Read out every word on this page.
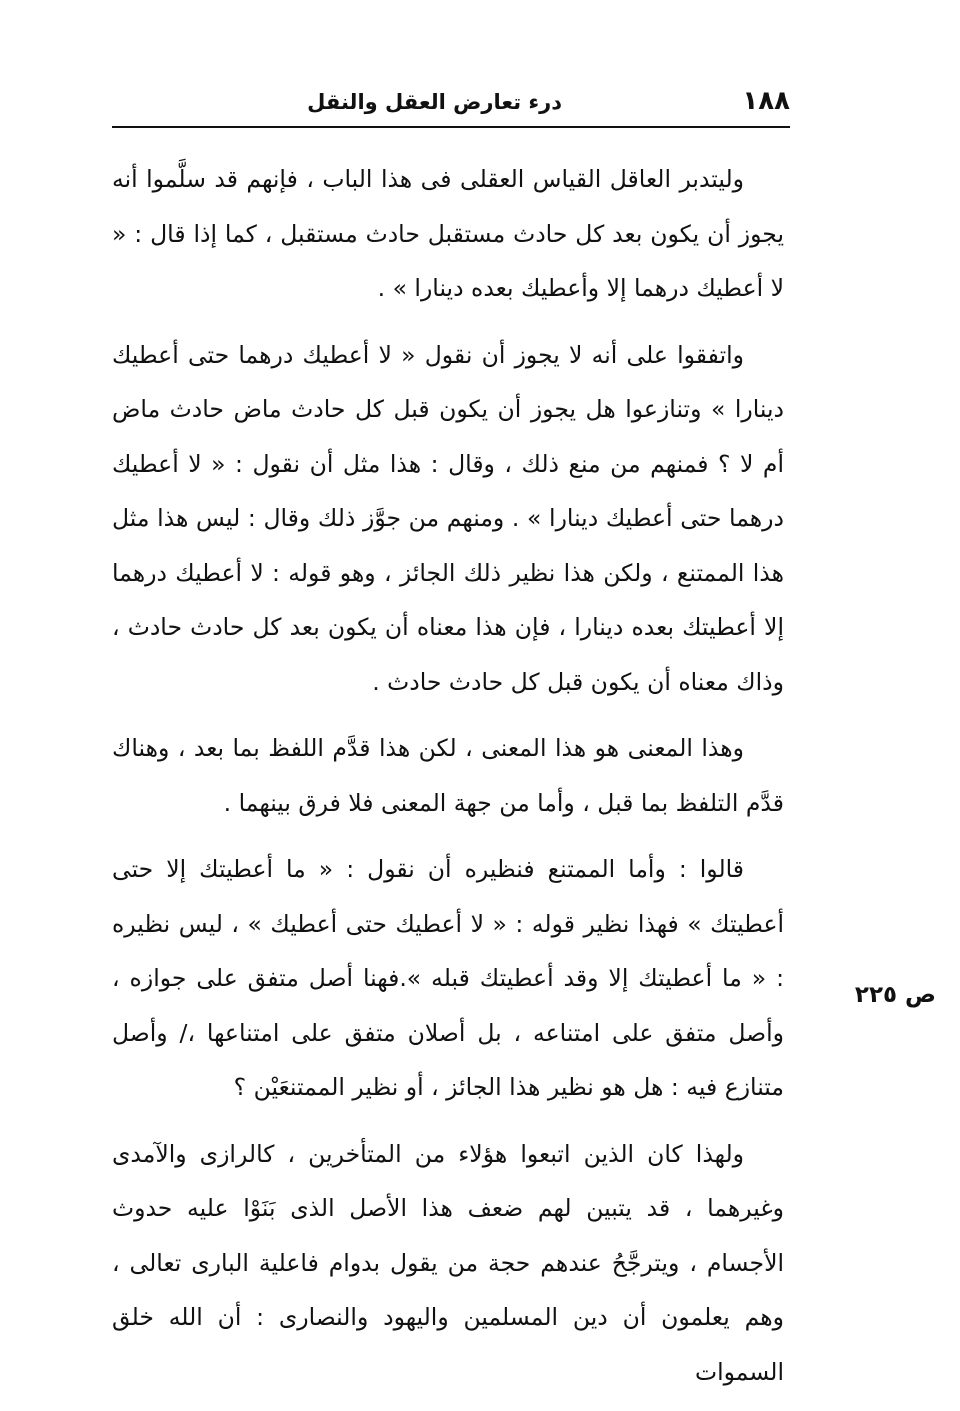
١٨٨
درء تعارض العقل والنقل

وليتدبر العاقل القياس العقلى فى هذا الباب ، فإنهم قد سلَّموا أنه يجوز أن يكون بعد كل حادث مستقبل حادث مستقبل ، كما إذا قال : « لا أعطيك درهما إلا وأعطيك بعده دينارا » .

واتفقوا على أنه لا يجوز أن نقول « لا أعطيك درهما حتى أعطيك دينارا » وتنازعوا هل يجوز أن يكون قبل كل حادث ماض حادث ماض أم لا ؟ فمنهم من منع ذلك ، وقال : هذا مثل أن نقول : « لا أعطيك درهما حتى أعطيك دينارا » . ومنهم من جوَّز ذلك وقال : ليس هذا مثل هذا الممتنع ، ولكن هذا نظير ذلك الجائز ، وهو قوله : لا أعطيك درهما إلا أعطيتك بعده دينارا ، فإن هذا معناه أن يكون بعد كل حادث حادث ، وذاك معناه أن يكون قبل كل حادث حادث .

وهذا المعنى هو هذا المعنى ، لكن هذا قدَّم اللفظ بما بعد ، وهناك قدَّم التلفظ بما قبل ، وأما من جهة المعنى فلا فرق بينهما .

قالوا : وأما الممتنع فنظيره أن نقول : « ما أعطيتك إلا حتى أعطيتك » فهذا نظير قوله : « لا أعطيك حتى أعطيك » ، ليس نظيره : « ما أعطيتك إلا وقد أعطيتك قبله ».فهنا أصل متفق على جوازه ، وأصل متفق على امتناعه ، بل أصلان متفق على امتناعها ،/ وأصل متنازع فيه : هل هو نظير هذا الجائز ، أو نظير الممتنعَيْن ؟

ولهذا كان الذين اتبعوا هؤلاء من المتأخرين ، كالرازى والآمدى وغيرهما ، قد يتبين لهم ضعف هذا الأصل الذى بَنَوْا عليه حدوث الأجسام ، ويترجَّحُ عندهم حجة من يقول بدوام فاعلية البارى تعالى ، وهم يعلمون أن دين المسلمين واليهود والنصارى : أن الله خلق السموات

ص ٢٢٥
